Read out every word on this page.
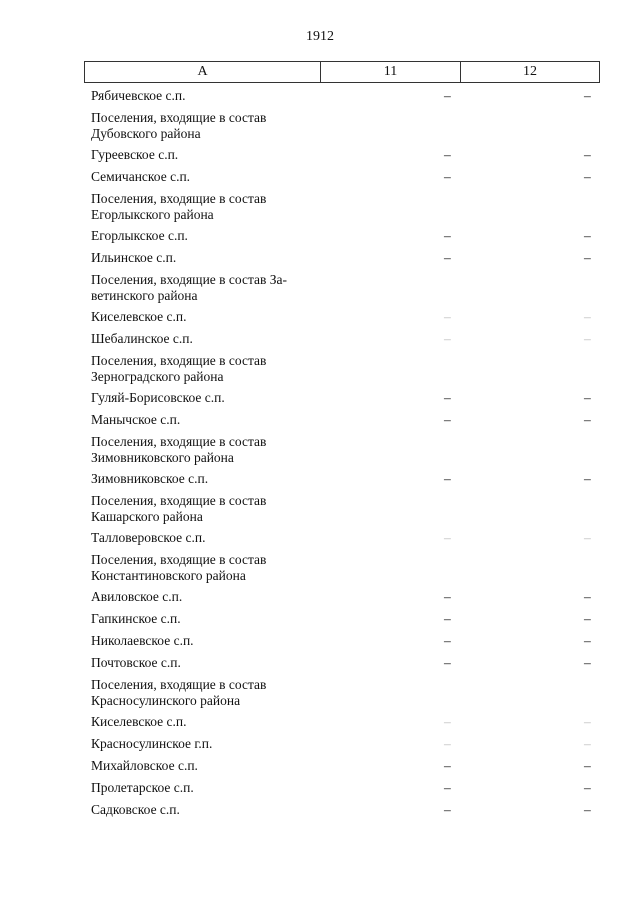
1912
А	11	12
Рябичевское с.п.	–	–
Поселения, входящие в состав Дубовского района
Гуреевское с.п.	–	–
Семичанское с.п.	–	–
Поселения, входящие в состав Егорлыкского района
Егорлыкское с.п.	–	–
Ильинское с.п.	–	–
Поселения, входящие в состав За-ветинского района
Киселевское с.п.	–	–
Шебалинское с.п.	–	–
Поселения, входящие в состав Зерноградского района
Гуляй-Борисовское с.п.	–	–
Манычское с.п.	–	–
Поселения, входящие в состав Зимовниковского района
Зимовниковское с.п.	–	–
Поселения, входящие в состав Кашарского района
Талловеровское с.п.	–	–
Поселения, входящие в состав Константиновского района
Авиловское с.п.	–	–
Гапкинское с.п.	–	–
Николаевское с.п.	–	–
Почтовское с.п.	–	–
Поселения, входящие в состав Красносулинского района
Киселевское с.п.	–	–
Красносулинское г.п.	–	–
Михайловское с.п.	–	–
Пролетарское с.п.	–	–
Садковское с.п.	–	–
